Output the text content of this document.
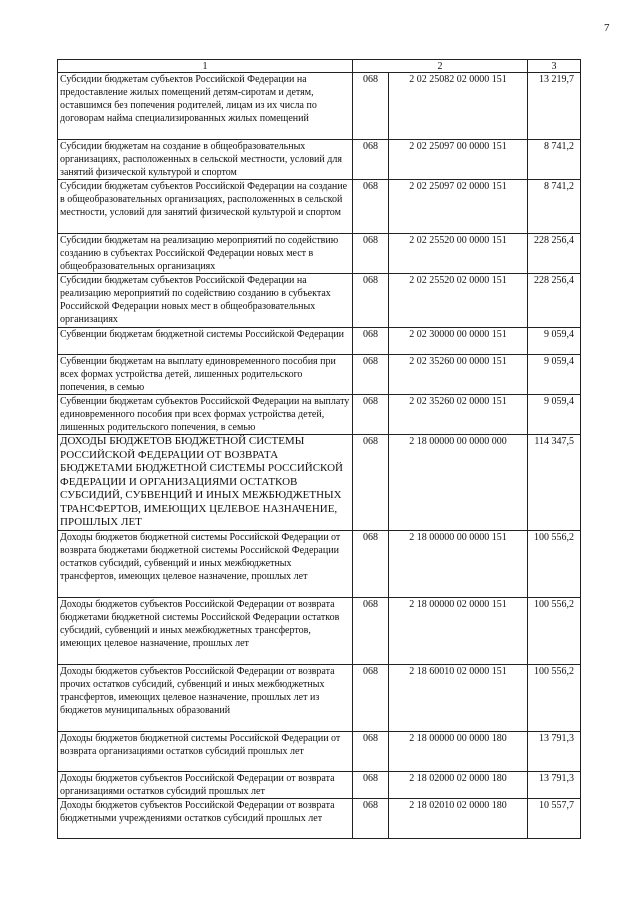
7
1	2		3
Субсидии бюджетам субъектов Российской Федерации на предоставление жилых помещений детям-сиротам и детям, оставшимся без попечения родителей, лицам из их числа по договорам найма специализированных жилых помещений	068	2 02 25082 02 0000 151	13 219,7
Субсидии бюджетам на создание в общеобразовательных организациях, расположенных в сельской местности, условий для занятий физической культурой и спортом	068	2 02 25097 00 0000 151	8 741,2
Субсидии бюджетам субъектов Российской Федерации на создание в общеобразовательных организациях, расположенных в сельской местности, условий для занятий физической культурой и спортом	068	2 02 25097 02 0000 151	8 741,2
Субсидии бюджетам на реализацию мероприятий по содействию созданию в субъектах Российской Федерации новых мест в общеобразовательных организациях	068	2 02 25520 00 0000 151	228 256,4
Субсидии бюджетам субъектов Российской Федерации на реализацию мероприятий по содействию созданию в субъектах Российской Федерации новых мест в общеобразовательных организациях	068	2 02 25520 02 0000 151	228 256,4
Субвенции бюджетам бюджетной системы Российской Федерации	068	2 02 30000 00 0000 151	9 059,4
Субвенции бюджетам на выплату единовременного пособия при всех формах устройства детей, лишенных родительского попечения, в семью	068	2 02 35260 00 0000 151	9 059,4
Субвенции бюджетам субъектов Российской Федерации на выплату единовременного пособия при всех формах устройства детей, лишенных родительского попечения, в семью	068	2 02 35260 02 0000 151	9 059,4
ДОХОДЫ БЮДЖЕТОВ БЮДЖЕТНОЙ СИСТЕМЫ РОССИЙСКОЙ ФЕДЕРАЦИИ ОТ ВОЗВРАТА БЮДЖЕТАМИ БЮДЖЕТНОЙ СИСТЕМЫ РОССИЙСКОЙ ФЕДЕРАЦИИ И ОРГАНИЗАЦИЯМИ ОСТАТКОВ СУБСИДИЙ, СУБВЕНЦИЙ И ИНЫХ МЕЖБЮДЖЕТНЫХ ТРАНСФЕРТОВ, ИМЕЮЩИХ ЦЕЛЕВОЕ НАЗНАЧЕНИЕ, ПРОШЛЫХ ЛЕТ	068	2 18 00000 00 0000 000	114 347,5
Доходы бюджетов бюджетной системы Российской Федерации от возврата бюджетами бюджетной системы Российской Федерации остатков субсидий, субвенций и иных межбюджетных трансфертов, имеющих целевое назначение, прошлых лет	068	2 18 00000 00 0000 151	100 556,2
Доходы бюджетов субъектов Российской Федерации от возврата бюджетами бюджетной системы Российской Федерации остатков субсидий, субвенций и иных межбюджетных трансфертов, имеющих целевое назначение, прошлых лет	068	2 18 00000 02 0000 151	100 556,2
Доходы бюджетов субъектов Российской Федерации от возврата прочих остатков субсидий, субвенций и иных межбюджетных трансфертов, имеющих целевое назначение, прошлых лет из бюджетов муниципальных образований	068	2 18 60010 02 0000 151	100 556,2
Доходы бюджетов бюджетной системы Российской Федерации от возврата организациями остатков субсидий прошлых лет	068	2 18 00000 00 0000 180	13 791,3
Доходы бюджетов субъектов Российской Федерации от возврата организациями остатков субсидий прошлых лет	068	2 18 02000 02 0000 180	13 791,3
Доходы бюджетов субъектов Российской Федерации от возврата бюджетными учреждениями остатков субсидий прошлых лет	068	2 18 02010 02 0000 180	10 557,7
